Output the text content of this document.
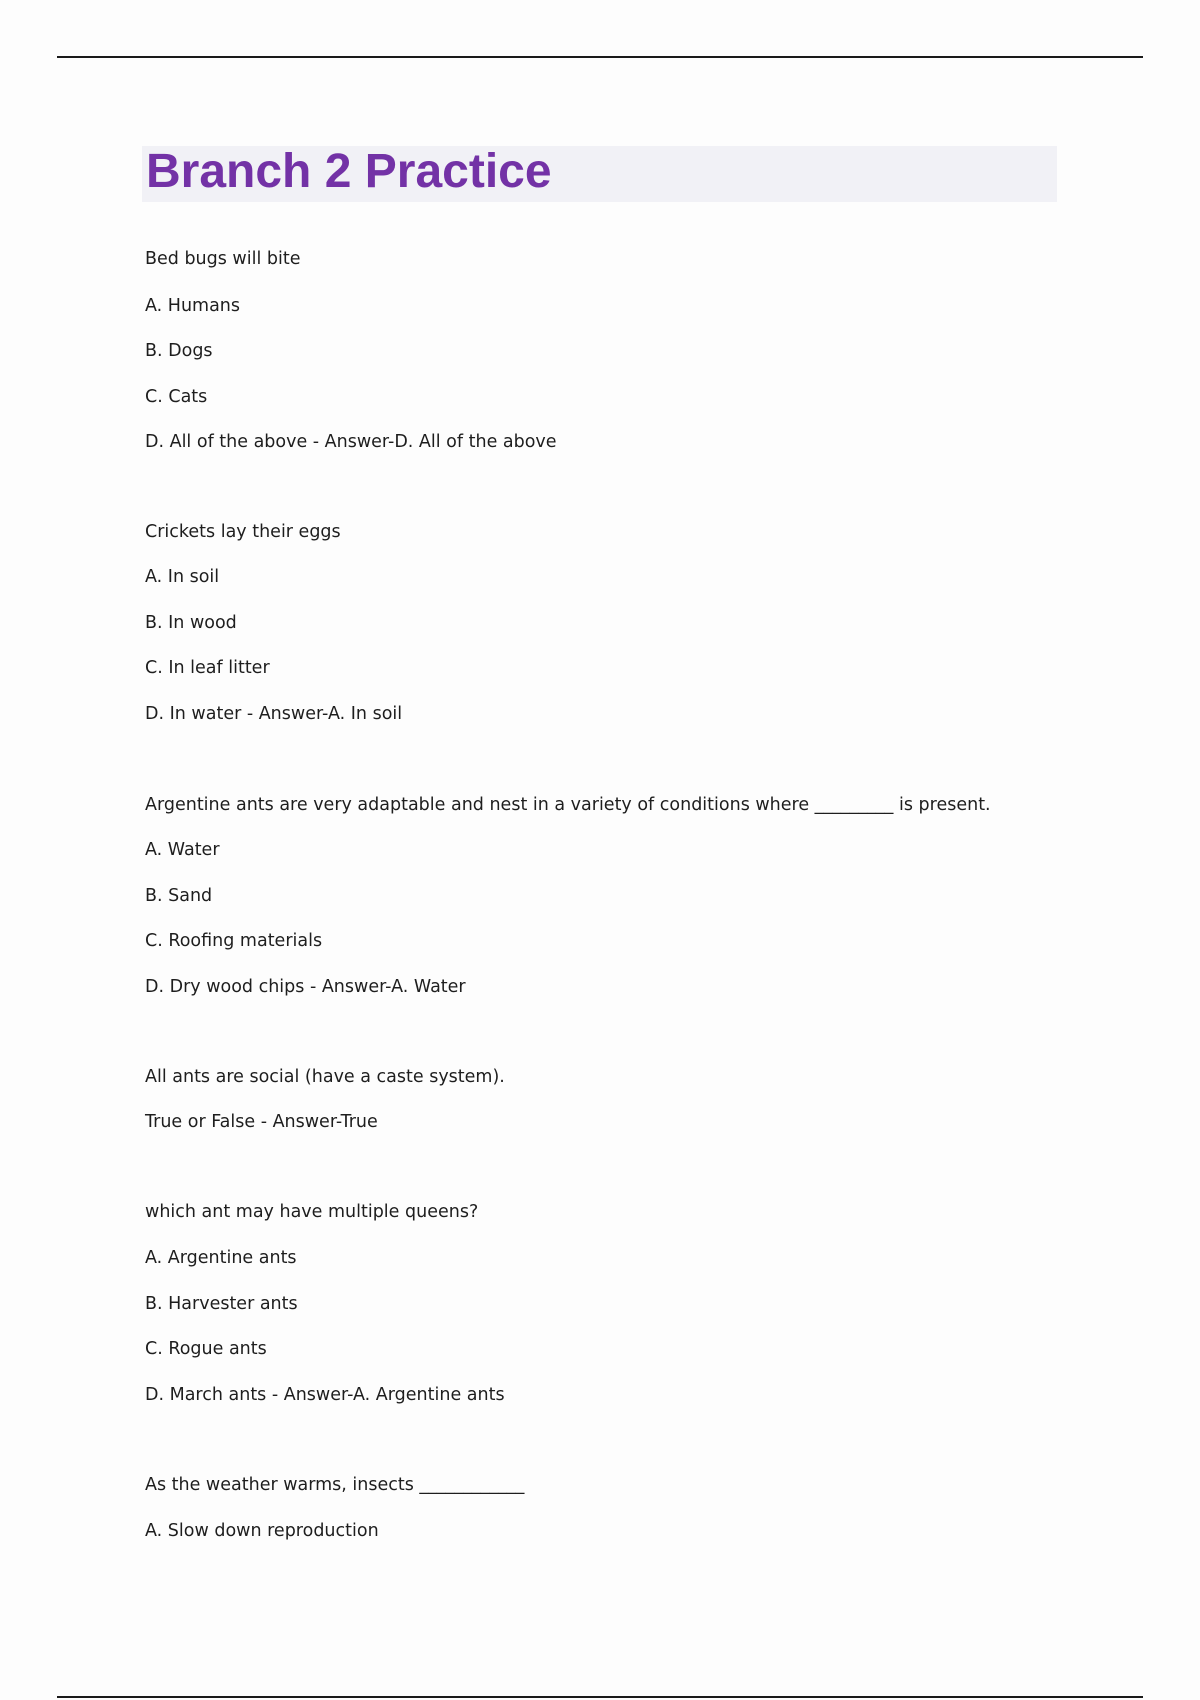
Branch 2 Practice

Bed bugs will bite

A. Humans

B. Dogs

C. Cats

D. All of the above - Answer-D. All of the above

Crickets lay their eggs

A. In soil

B. In wood

C. In leaf litter

D. In water - Answer-A. In soil

Argentine ants are very adaptable and nest in a variety of conditions where _________ is present.

A. Water

B. Sand

C. Roofing materials

D. Dry wood chips - Answer-A. Water

All ants are social (have a caste system).

True or False - Answer-True

which ant may have multiple queens?

A. Argentine ants

B. Harvester ants

C. Rogue ants

D. March ants - Answer-A. Argentine ants

As the weather warms, insects ____________

A. Slow down reproduction
